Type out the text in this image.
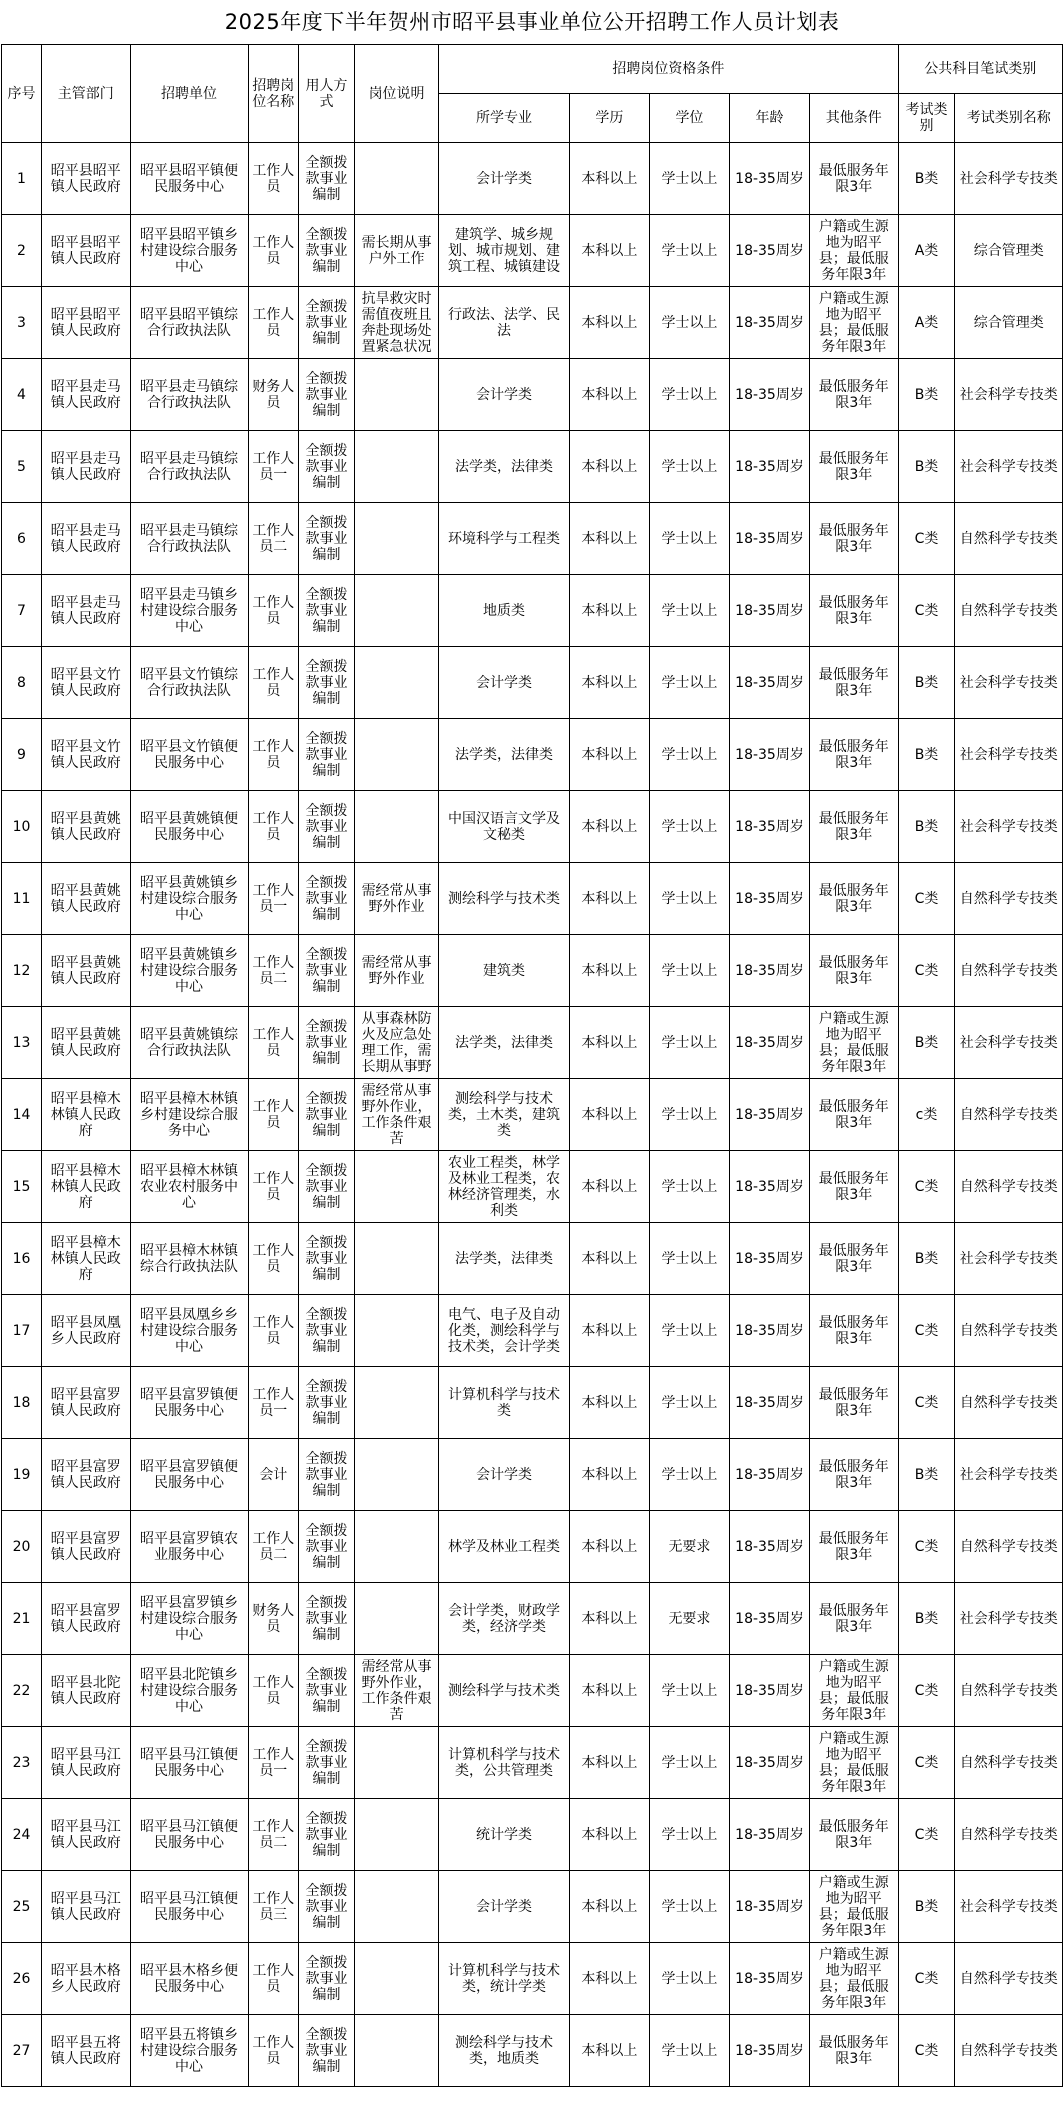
2025年度下半年贺州市昭平县事业单位公开招聘工作人员计划表
序号	主管部门	招聘单位	招聘岗位名称	用人方式	岗位说明	招聘岗位资格条件					公共科目笔试类别	
						所学专业	学历	学位	年龄	其他条件	考试类别	考试类别名称
1	昭平县昭平镇人民政府	昭平县昭平镇便民服务中心	工作人员	全额拨款事业编制		会计学类	本科以上	学士以上	18-35周岁	最低服务年限3年	B类	社会科学专技类
2	昭平县昭平镇人民政府	昭平县昭平镇乡村建设综合服务中心	工作人员	全额拨款事业编制	需长期从事户外工作	建筑学、城乡规划、城市规划、建筑工程、城镇建设	本科以上	学士以上	18-35周岁	户籍或生源地为昭平县；最低服务年限3年	A类	综合管理类
3	昭平县昭平镇人民政府	昭平县昭平镇综合行政执法队	工作人员	全额拨款事业编制	抗旱救灾时需值夜班且奔赴现场处置紧急状况	行政法、法学、民法	本科以上	学士以上	18-35周岁	户籍或生源地为昭平县；最低服务年限3年	A类	综合管理类
4	昭平县走马镇人民政府	昭平县走马镇综合行政执法队	财务人员	全额拨款事业编制		会计学类	本科以上	学士以上	18-35周岁	最低服务年限3年	B类	社会科学专技类
5	昭平县走马镇人民政府	昭平县走马镇综合行政执法队	工作人员一	全额拨款事业编制		法学类，法律类	本科以上	学士以上	18-35周岁	最低服务年限3年	B类	社会科学专技类
6	昭平县走马镇人民政府	昭平县走马镇综合行政执法队	工作人员二	全额拨款事业编制		环境科学与工程类	本科以上	学士以上	18-35周岁	最低服务年限3年	C类	自然科学专技类
7	昭平县走马镇人民政府	昭平县走马镇乡村建设综合服务中心	工作人员	全额拨款事业编制		地质类	本科以上	学士以上	18-35周岁	最低服务年限3年	C类	自然科学专技类
8	昭平县文竹镇人民政府	昭平县文竹镇综合行政执法队	工作人员	全额拨款事业编制		会计学类	本科以上	学士以上	18-35周岁	最低服务年限3年	B类	社会科学专技类
9	昭平县文竹镇人民政府	昭平县文竹镇便民服务中心	工作人员	全额拨款事业编制		法学类，法律类	本科以上	学士以上	18-35周岁	最低服务年限3年	B类	社会科学专技类
10	昭平县黄姚镇人民政府	昭平县黄姚镇便民服务中心	工作人员	全额拨款事业编制		中国汉语言文学及文秘类	本科以上	学士以上	18-35周岁	最低服务年限3年	B类	社会科学专技类
11	昭平县黄姚镇人民政府	昭平县黄姚镇乡村建设综合服务中心	工作人员一	全额拨款事业编制	需经常从事野外作业	测绘科学与技术类	本科以上	学士以上	18-35周岁	最低服务年限3年	C类	自然科学专技类
12	昭平县黄姚镇人民政府	昭平县黄姚镇乡村建设综合服务中心	工作人员二	全额拨款事业编制	需经常从事野外作业	建筑类	本科以上	学士以上	18-35周岁	最低服务年限3年	C类	自然科学专技类
13	昭平县黄姚镇人民政府	昭平县黄姚镇综合行政执法队	工作人员	全额拨款事业编制	从事森林防火及应急处理工作，需长期从事野	法学类，法律类	本科以上	学士以上	18-35周岁	户籍或生源地为昭平县；最低服务年限3年	B类	社会科学专技类
14	昭平县樟木林镇人民政府	昭平县樟木林镇乡村建设综合服务中心	工作人员	全额拨款事业编制	需经常从事野外作业，工作条件艰苦	测绘科学与技术类，土木类，建筑类	本科以上	学士以上	18-35周岁	最低服务年限3年	c类	自然科学专技类
15	昭平县樟木林镇人民政府	昭平县樟木林镇农业农村服务中心	工作人员	全额拨款事业编制		农业工程类，林学及林业工程类，农林经济管理类，水利类	本科以上	学士以上	18-35周岁	最低服务年限3年	C类	自然科学专技类
16	昭平县樟木林镇人民政府	昭平县樟木林镇综合行政执法队	工作人员	全额拨款事业编制		法学类，法律类	本科以上	学士以上	18-35周岁	最低服务年限3年	B类	社会科学专技类
17	昭平县凤凰乡人民政府	昭平县凤凰乡乡村建设综合服务中心	工作人员	全额拨款事业编制		电气、电子及自动化类，测绘科学与技术类，会计学类	本科以上	学士以上	18-35周岁	最低服务年限3年	C类	自然科学专技类
18	昭平县富罗镇人民政府	昭平县富罗镇便民服务中心	工作人员一	全额拨款事业编制		计算机科学与技术类	本科以上	学士以上	18-35周岁	最低服务年限3年	C类	自然科学专技类
19	昭平县富罗镇人民政府	昭平县富罗镇便民服务中心	会计	全额拨款事业编制		会计学类	本科以上	学士以上	18-35周岁	最低服务年限3年	B类	社会科学专技类
20	昭平县富罗镇人民政府	昭平县富罗镇农业服务中心	工作人员二	全额拨款事业编制		林学及林业工程类	本科以上	无要求	18-35周岁	最低服务年限3年	C类	自然科学专技类
21	昭平县富罗镇人民政府	昭平县富罗镇乡村建设综合服务中心	财务人员	全额拨款事业编制		会计学类，财政学类，经济学类	本科以上	无要求	18-35周岁	最低服务年限3年	B类	社会科学专技类
22	昭平县北陀镇人民政府	昭平县北陀镇乡村建设综合服务中心	工作人员	全额拨款事业编制	需经常从事野外作业，工作条件艰苦	测绘科学与技术类	本科以上	学士以上	18-35周岁	户籍或生源地为昭平县；最低服务年限3年	C类	自然科学专技类
23	昭平县马江镇人民政府	昭平县马江镇便民服务中心	工作人员一	全额拨款事业编制		计算机科学与技术类，公共管理类	本科以上	学士以上	18-35周岁	户籍或生源地为昭平县；最低服务年限3年	C类	自然科学专技类
24	昭平县马江镇人民政府	昭平县马江镇便民服务中心	工作人员二	全额拨款事业编制		统计学类	本科以上	学士以上	18-35周岁	最低服务年限3年	C类	自然科学专技类
25	昭平县马江镇人民政府	昭平县马江镇便民服务中心	工作人员三	全额拨款事业编制		会计学类	本科以上	学士以上	18-35周岁	户籍或生源地为昭平县；最低服务年限3年	B类	社会科学专技类
26	昭平县木格乡人民政府	昭平县木格乡便民服务中心	工作人员	全额拨款事业编制		计算机科学与技术类，统计学类	本科以上	学士以上	18-35周岁	户籍或生源地为昭平县；最低服务年限3年	C类	自然科学专技类
27	昭平县五将镇人民政府	昭平县五将镇乡村建设综合服务中心	工作人员	全额拨款事业编制		测绘科学与技术类，地质类	本科以上	学士以上	18-35周岁	最低服务年限3年	C类	自然科学专技类
